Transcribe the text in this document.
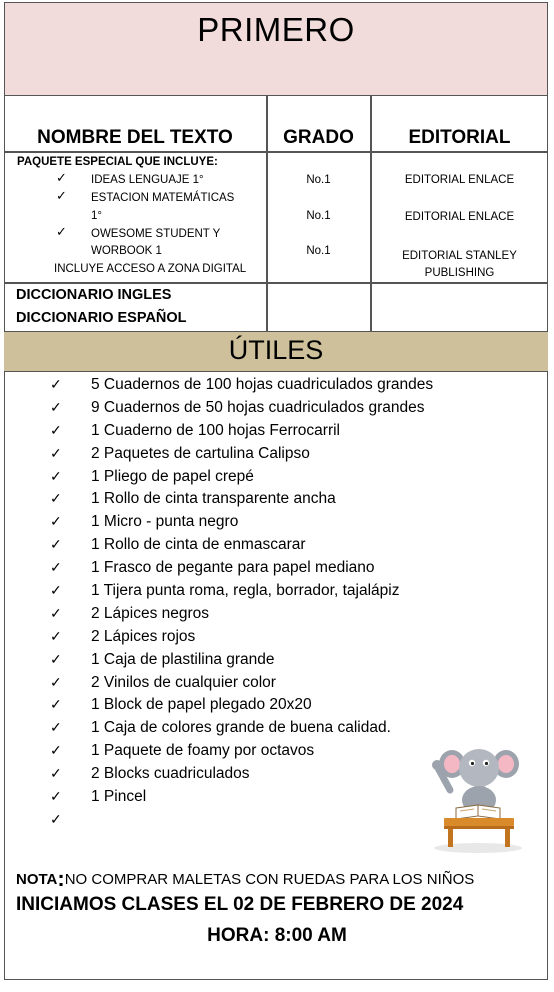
PRIMERO
NOMBRE DEL TEXTO	GRADO	EDITORIAL
PAQUETE ESPECIAL QUE INCLUYE:
✓ IDEAS LENGUAJE 1°	No.1	EDITORIAL ENLACE
✓ ESTACION MATEMÁTICAS
1°	No.1	EDITORIAL ENLACE
✓ OWESOME STUDENT Y
WORBOOK 1	No.1	EDITORIAL STANLEY
PUBLISHING
INCLUYE ACCESO A ZONA DIGITAL
DICCIONARIO INGLES
DICCIONARIO ESPAÑOL
ÚTILES
✓ 5 Cuadernos de 100 hojas cuadriculados grandes
✓ 9 Cuadernos de 50 hojas cuadriculados grandes
✓ 1 Cuaderno de 100 hojas Ferrocarril
✓ 2 Paquetes de cartulina Calipso
✓ 1 Pliego de papel crepé
✓ 1 Rollo de cinta transparente ancha
✓ 1 Micro - punta negro
✓ 1 Rollo de cinta de enmascarar
✓ 1 Frasco de pegante para papel mediano
✓ 1 Tijera punta roma, regla, borrador, tajalápiz
✓ 2 Lápices negros
✓ 2 Lápices rojos
✓ 1 Caja de plastilina grande
✓ 2 Vinilos de cualquier color
✓ 1 Block de papel plegado 20x20
✓ 1 Caja de colores grande de buena calidad.
✓ 1 Paquete de foamy por octavos
✓ 2 Blocks cuadriculados
✓ 1 Pincel
✓
NOTA:NO COMPRAR MALETAS CON RUEDAS PARA LOS NIÑOS
INICIAMOS CLASES EL 02 DE FEBRERO DE 2024
HORA: 8:00 AM
